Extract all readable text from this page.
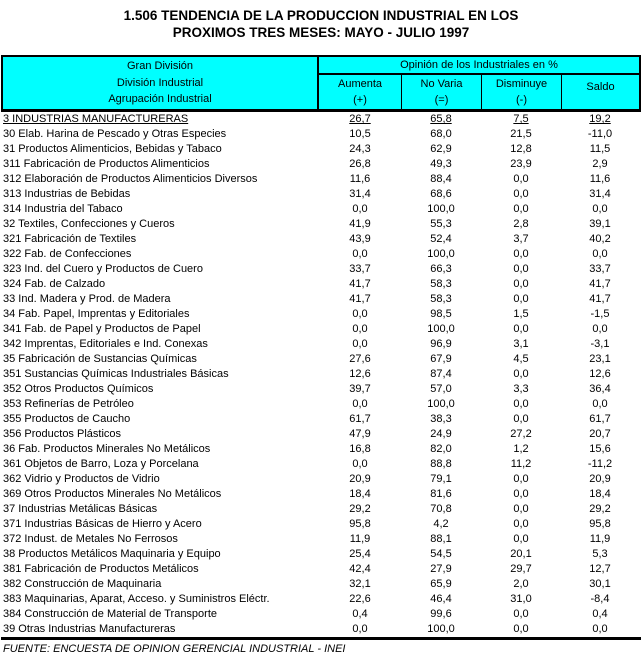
1.506 TENDENCIA DE LA PRODUCCION INDUSTRIAL EN LOS
PROXIMOS TRES MESES: MAYO - JULIO 1997
Gran División
División Industrial
Agrupación Industrial
Opinión de los Industriales en %
Aumenta
(+)
No Varia
(=)
Disminuye
(-)
Saldo
3 INDUSTRIAS MANUFACTURERAS	26,7	65,8	7,5	19,2
30 Elab. Harina de Pescado y Otras Especies	10,5	68,0	21,5	-11,0
31 Productos Alimenticios, Bebidas y Tabaco	24,3	62,9	12,8	11,5
311 Fabricación de Productos Alimenticios	26,8	49,3	23,9	2,9
312 Elaboración de Productos Alimenticios Diversos	11,6	88,4	0,0	11,6
313 Industrias de Bebidas	31,4	68,6	0,0	31,4
314 Industria del Tabaco	0,0	100,0	0,0	0,0
32 Textiles, Confecciones y Cueros	41,9	55,3	2,8	39,1
321 Fabricación de Textiles	43,9	52,4	3,7	40,2
322 Fab. de Confecciones	0,0	100,0	0,0	0,0
323 Ind. del Cuero y Productos de Cuero	33,7	66,3	0,0	33,7
324 Fab. de Calzado	41,7	58,3	0,0	41,7
33 Ind. Madera y Prod. de Madera	41,7	58,3	0,0	41,7
34 Fab. Papel, Imprentas y Editoriales	0,0	98,5	1,5	-1,5
341 Fab. de Papel y Productos de Papel	0,0	100,0	0,0	0,0
342 Imprentas, Editoriales e Ind. Conexas	0,0	96,9	3,1	-3,1
35 Fabricación de Sustancias Químicas	27,6	67,9	4,5	23,1
351 Sustancias Químicas Industriales Básicas	12,6	87,4	0,0	12,6
352 Otros Productos Químicos	39,7	57,0	3,3	36,4
353 Refinerías de Petróleo	0,0	100,0	0,0	0,0
355 Productos de Caucho	61,7	38,3	0,0	61,7
356 Productos Plásticos	47,9	24,9	27,2	20,7
36 Fab. Productos Minerales No Metálicos	16,8	82,0	1,2	15,6
361 Objetos de Barro, Loza y Porcelana	0,0	88,8	11,2	-11,2
362 Vidrio y Productos de Vidrio	20,9	79,1	0,0	20,9
369 Otros Productos Minerales No Metálicos	18,4	81,6	0,0	18,4
37 Industrias Metálicas Básicas	29,2	70,8	0,0	29,2
371 Industrias Básicas de Hierro y Acero	95,8	4,2	0,0	95,8
372 Indust. de Metales No Ferrosos	11,9	88,1	0,0	11,9
38 Productos Metálicos Maquinaria y Equipo	25,4	54,5	20,1	5,3
381 Fabricación de Productos Metálicos	42,4	27,9	29,7	12,7
382 Construcción de Maquinaria	32,1	65,9	2,0	30,1
383 Maquinarias, Aparat, Acceso. y Suministros Eléctr.	22,6	46,4	31,0	-8,4
384 Construcción de Material de Transporte	0,4	99,6	0,0	0,4
39 Otras Industrias Manufactureras	0,0	100,0	0,0	0,0
FUENTE: ENCUESTA DE OPINION GERENCIAL INDUSTRIAL - INEI
